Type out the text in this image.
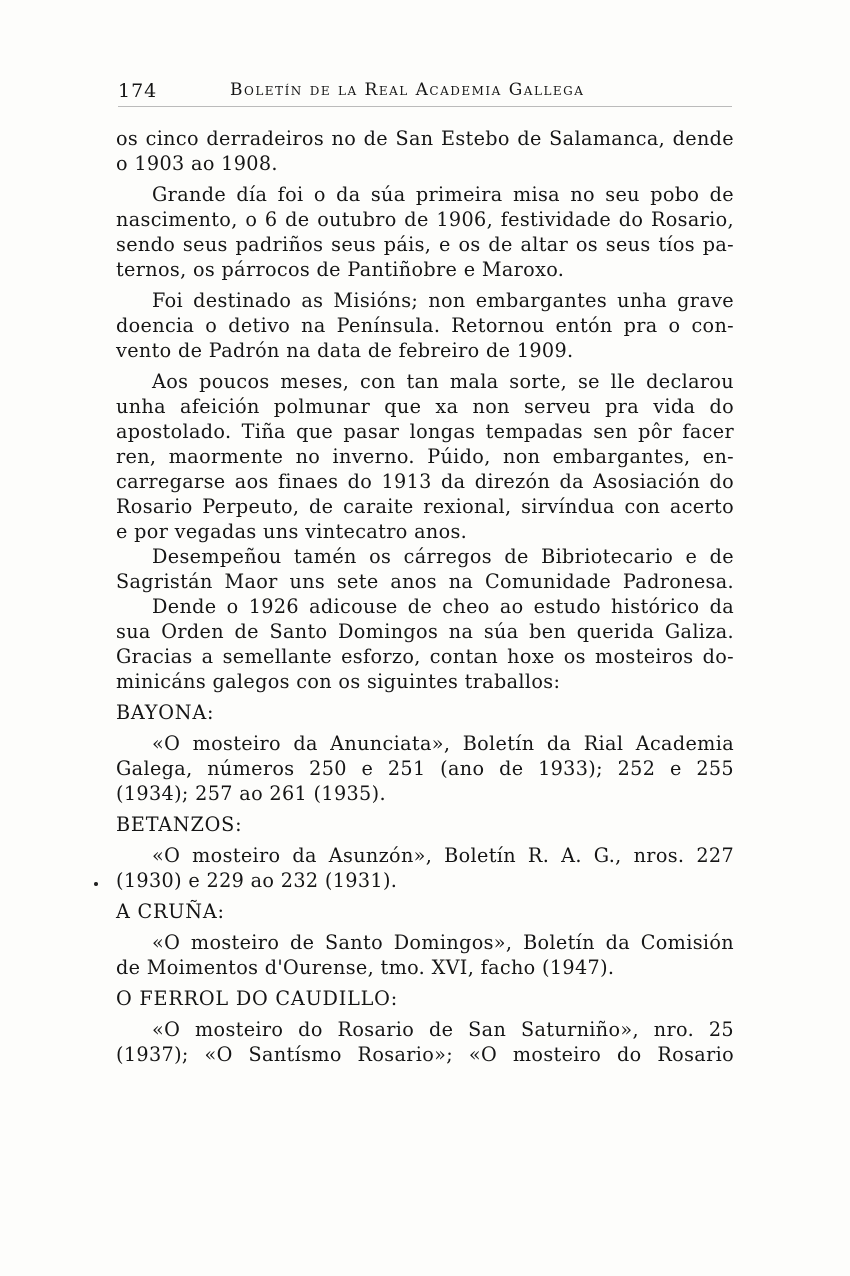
174	Boletín de la Real Academia Gallega
os cinco derradeiros no de San Estebo de Salamanca, dende
o 1903 ao 1908.
Grande día foi o da súa primeira misa no seu pobo de
nascimento, o 6 de outubro de 1906, festividade do Rosario,
sendo seus padriños seus páis, e os de altar os seus tíos pa-
ternos, os párrocos de Pantiñobre e Maroxo.
Foi destinado as Misións; non embargantes unha grave
doencia o detivo na Península. Retornou entón pra o con-
vento de Padrón na data de febreiro de 1909.
Aos poucos meses, con tan mala sorte, se lle declarou
unha afeición polmunar que xa non serveu pra vida do
apostolado. Tiña que pasar longas tempadas sen pôr facer
ren, maormente no inverno. Púido, non embargantes, en-
carregarse aos finaes do 1913 da direzón da Asosiación do
Rosario Perpeuto, de caraite rexional, sirvíndua con acerto
e por vegadas uns vintecatro anos.
Desempeñou tamén os cárregos de Bibriotecario e de
Sagristán Maor uns sete anos na Comunidade Padronesa.
Dende o 1926 adicouse de cheo ao estudo histórico da
sua Orden de Santo Domingos na súa ben querida Galiza.
Gracias a semellante esforzo, contan hoxe os mosteiros do-
minicáns galegos con os siguintes traballos:
BAYONA:
«O mosteiro da Anunciata», Boletín da Rial Academia
Galega, números 250 e 251 (ano de 1933); 252 e 255
(1934); 257 ao 261 (1935).
BETANZOS:
«O mosteiro da Asunzón», Boletín R. A. G., nros. 227
(1930) e 229 ao 232 (1931).
A CRUÑA:
«O mosteiro de Santo Domingos», Boletín da Comisión
de Moimentos d'Ourense, tmo. XVI, facho (1947).
O FERROL DO CAUDILLO:
«O mosteiro do Rosario de San Saturniño», nro. 25
(1937); «O Santísmo Rosario»; «O mosteiro do Rosario
